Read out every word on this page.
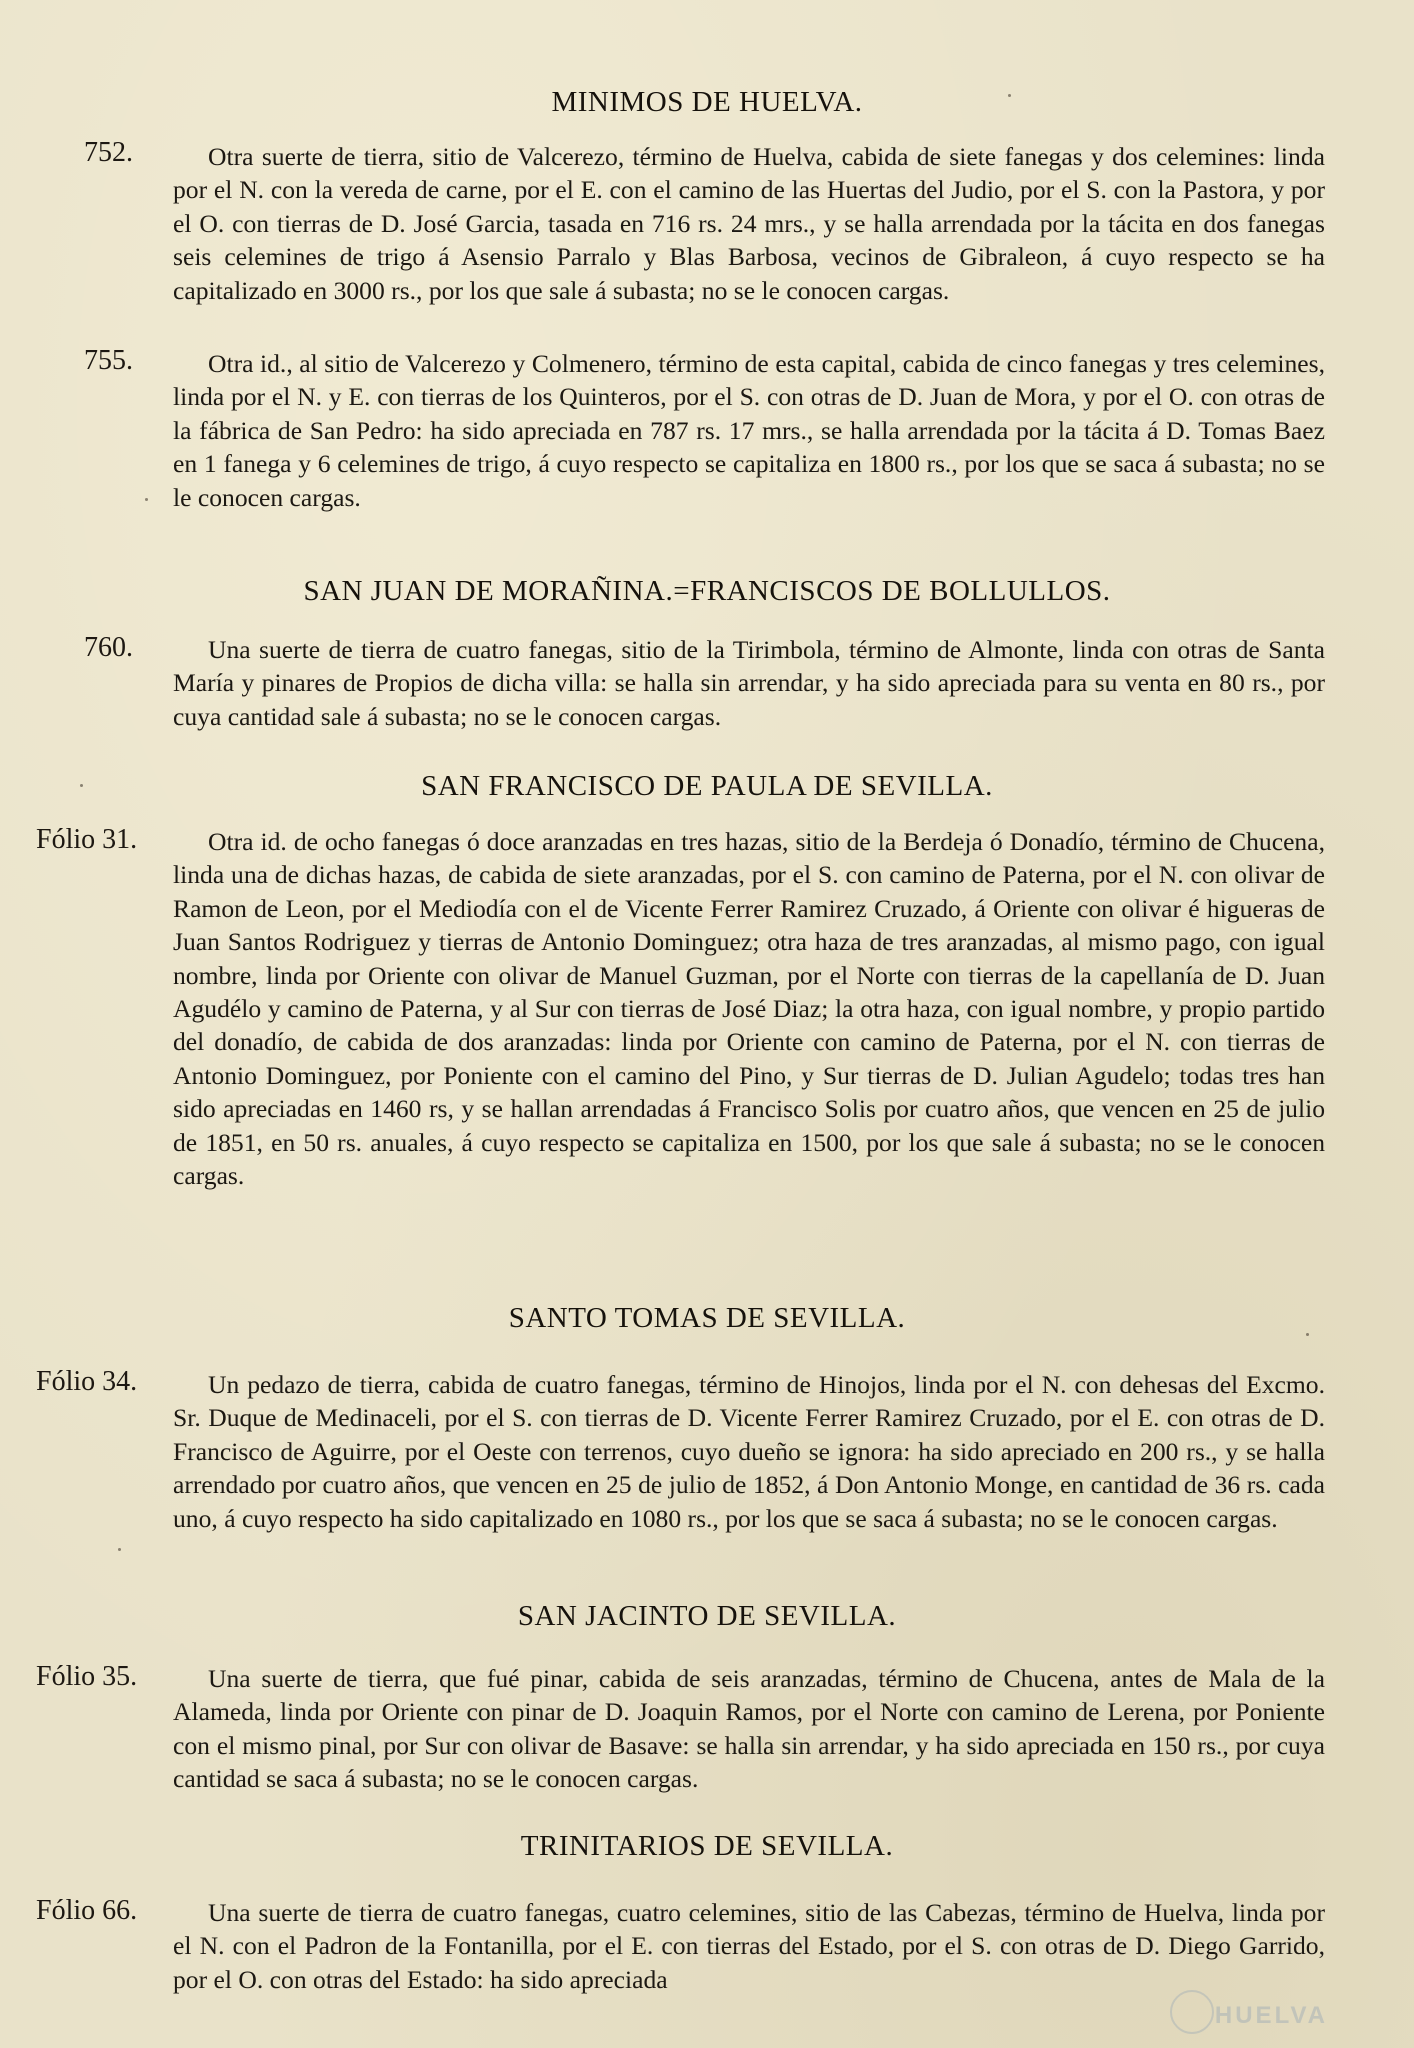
MINIMOS DE HUELVA.
752.	Otra suerte de tierra, sitio de Valcerezo, término de Huelva, cabida de siete fanegas y dos celemines: linda por el N. con la vereda de carne, por el E. con el camino de las Huertas del Judio, por el S. con la Pastora, y por el O. con tierras de D. José Garcia, tasada en 716 rs. 24 mrs., y se halla arrendada por la tácita en dos fanegas seis celemines de trigo á Asensio Parralo y Blas Barbosa, vecinos de Gibraleon, á cuyo respecto se ha capitalizado en 3000 rs., por los que sale á subasta; no se le conocen cargas.
755.	Otra id., al sitio de Valcerezo y Colmenero, término de esta capital, cabida de cinco fanegas y tres celemines, linda por el N. y E. con tierras de los Quinteros, por el S. con otras de D. Juan de Mora, y por el O. con otras de la fábrica de San Pedro: ha sido apreciada en 787 rs. 17 mrs., se halla arrendada por la tácita á D. Tomas Baez en 1 fanega y 6 celemines de trigo, á cuyo respecto se capitaliza en 1800 rs., por los que se saca á subasta; no se le conocen cargas.
SAN JUAN DE MORAÑINA.=FRANCISCOS DE BOLLULLOS.
760.	Una suerte de tierra de cuatro fanegas, sitio de la Tirimbola, término de Almonte, linda con otras de Santa María y pinares de Propios de dicha villa: se halla sin arrendar, y ha sido apreciada para su venta en 80 rs., por cuya cantidad sale á subasta; no se le conocen cargas.
SAN FRANCISCO DE PAULA DE SEVILLA.
Fólio 31.	Otra id. de ocho fanegas ó doce aranzadas en tres hazas, sitio de la Berdeja ó Donadío, término de Chucena, linda una de dichas hazas, de cabida de siete aranzadas, por el S. con camino de Paterna, por el N. con olivar de Ramon de Leon, por el Mediodía con el de Vicente Ferrer Ramirez Cruzado, á Oriente con olivar é higueras de Juan Santos Rodriguez y tierras de Antonio Dominguez; otra haza de tres aranzadas, al mismo pago, con igual nombre, linda por Oriente con olivar de Manuel Guzman, por el Norte con tierras de la capellanía de D. Juan Agudélo y camino de Paterna, y al Sur con tierras de José Diaz; la otra haza, con igual nombre, y propio partido del donadío, de cabida de dos aranzadas: linda por Oriente con camino de Paterna, por el N. con tierras de Antonio Dominguez, por Poniente con el camino del Pino, y Sur tierras de D. Julian Agudelo; todas tres han sido apreciadas en 1460 rs, y se hallan arrendadas á Francisco Solis por cuatro años, que vencen en 25 de julio de 1851, en 50 rs. anuales, á cuyo respecto se capitaliza en 1500, por los que sale á subasta; no se le conocen cargas.
SANTO TOMAS DE SEVILLA.
Fólio 34.	Un pedazo de tierra, cabida de cuatro fanegas, término de Hinojos, linda por el N. con dehesas del Excmo. Sr. Duque de Medinaceli, por el S. con tierras de D. Vicente Ferrer Ramirez Cruzado, por el E. con otras de D. Francisco de Aguirre, por el Oeste con terrenos, cuyo dueño se ignora: ha sido apreciado en 200 rs., y se halla arrendado por cuatro años, que vencen en 25 de julio de 1852, á Don Antonio Monge, en cantidad de 36 rs. cada uno, á cuyo respecto ha sido capitalizado en 1080 rs., por los que se saca á subasta; no se le conocen cargas.
SAN JACINTO DE SEVILLA.
Fólio 35.	Una suerte de tierra, que fué pinar, cabida de seis aranzadas, término de Chucena, antes de Mala de la Alameda, linda por Oriente con pinar de D. Joaquin Ramos, por el Norte con camino de Lerena, por Poniente con el mismo pinal, por Sur con olivar de Basave: se halla sin arrendar, y ha sido apreciada en 150 rs., por cuya cantidad se saca á subasta; no se le conocen cargas.
TRINITARIOS DE SEVILLA.
Fólio 66.	Una suerte de tierra de cuatro fanegas, cuatro celemines, sitio de las Cabezas, término de Huelva, linda por el N. con el Padron de la Fontanilla, por el E. con tierras del Estado, por el S. con otras de D. Diego Garrido, por el O. con otras del Estado: ha sido apreciada
HUELVA
